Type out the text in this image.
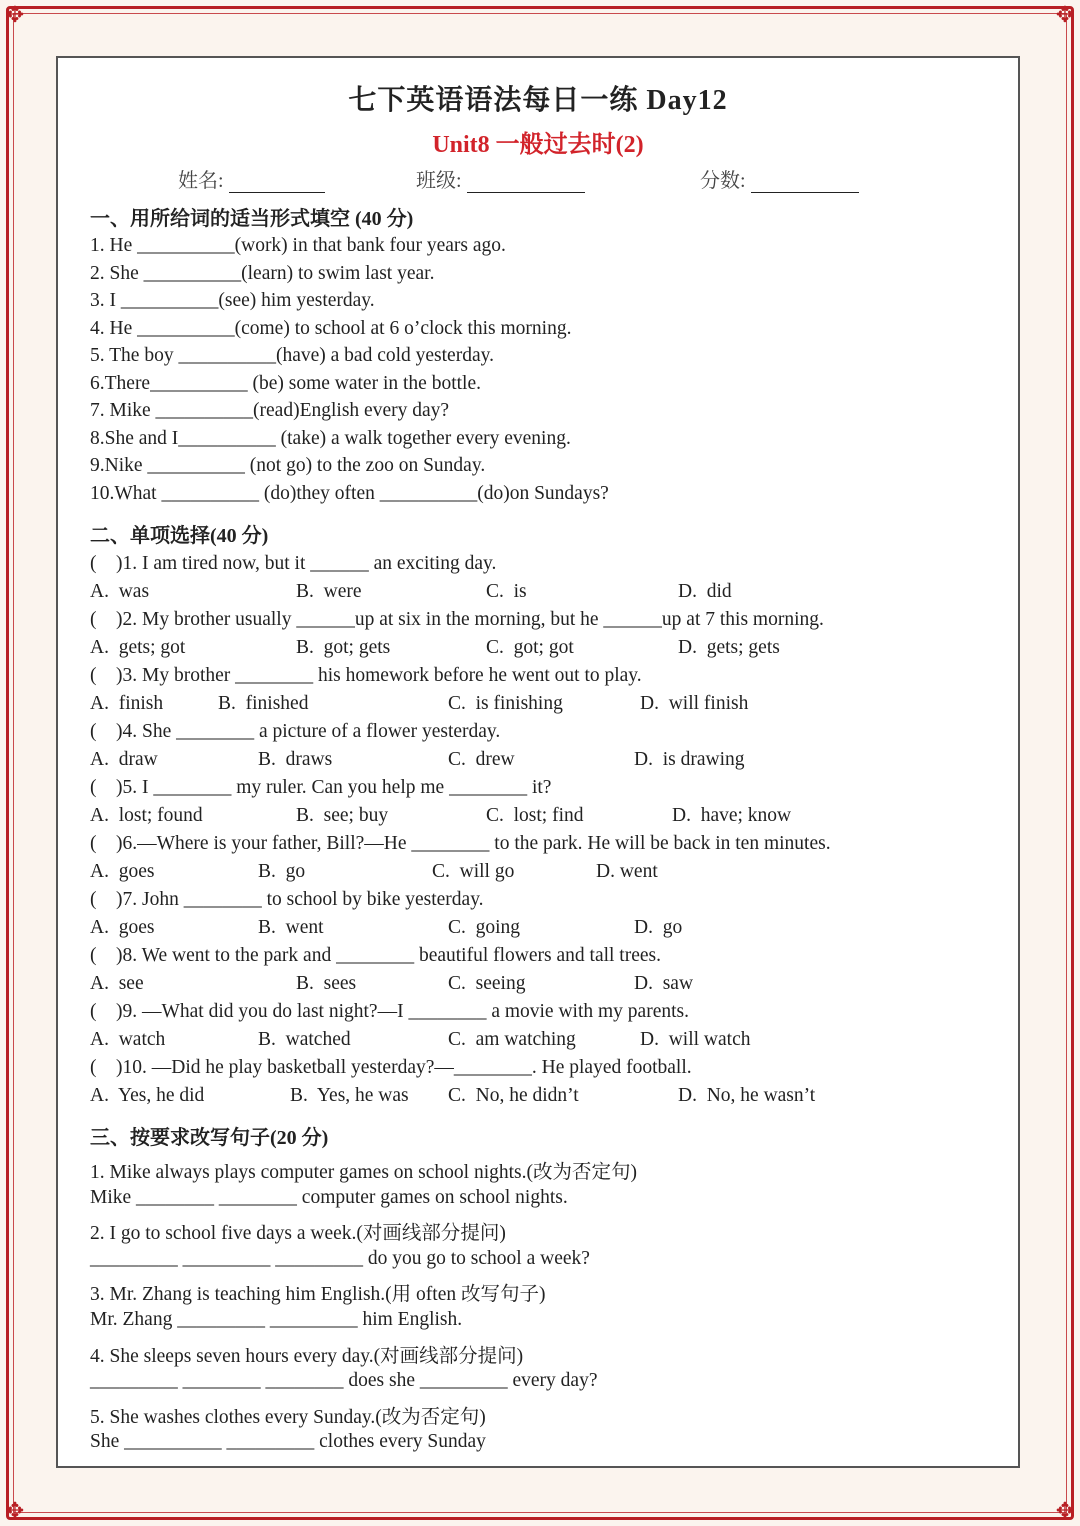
✥	✥
✥	✥
七下英语语法每日一练 Day12
Unit8 一般过去时(2)
姓名:	班级:	分数:
一、用所给词的适当形式填空 (40 分)
1. He __________(work) in that bank four years ago.
2. She __________(learn) to swim last year.
3. I __________(see) him yesterday.
4. He __________(come) to school at 6 o’clock this morning.
5. The boy __________(have) a bad cold yesterday.
6.There__________ (be) some water in the bottle.
7. Mike __________(read)English every day?
8.She and I__________ (take) a walk together every evening.
9.Nike __________ (not go) to the zoo on Sunday.
10.What __________ (do)they often __________(do)on Sundays?
二、单项选择(40 分)
(    )1. I am tired now, but it ______ an exciting day.
A.  was	B.  were	C.  is	D.  did
(    )2. My brother usually ______up at six in the morning, but he ______up at 7 this morning.
A.  gets; got	B.  got; gets	C.  got; got	D.  gets; gets
(    )3. My brother ________ his homework before he went out to play.
A.  finish	B.  finished	C.  is finishing	D.  will finish
(    )4. She ________ a picture of a flower yesterday.
A.  draw	B.  draws	C.  drew	D.  is drawing
(    )5. I ________ my ruler. Can you help me ________ it?
A.  lost; found	B.  see; buy	C.  lost; find	D.  have; know
(    )6.—Where is your father, Bill?—He ________ to the park. He will be back in ten minutes.
A.  goes	B.  go	C.  will go	D. went
(    )7. John ________ to school by bike yesterday.
A.  goes	B.  went	C.  going	D.  go
(    )8. We went to the park and ________ beautiful flowers and tall trees.
A.  see	B.  sees	C.  seeing	D.  saw
(    )9. —What did you do last night?—I ________ a movie with my parents.
A.  watch	B.  watched	C.  am watching	D.  will watch
(    )10. —Did he play basketball yesterday?—________. He played football.
A.  Yes, he did	B.  Yes, he was C.  No, he didn’t	D.  No, he wasn’t
三、按要求改写句子(20 分)
1. Mike always plays computer games on school nights.(改为否定句)
Mike ________ ________ computer games on school nights.
2. I go to school five days a week.(对画线部分提问)
_________ _________ _________ do you go to school a week?
3. Mr. Zhang is teaching him English.(用 often 改写句子)
Mr. Zhang _________ _________ him English.
4. She sleeps seven hours every day.(对画线部分提问)
_________ ________ ________ does she _________ every day?
5. She washes clothes every Sunday.(改为否定句)
She __________ _________ clothes every Sunday
